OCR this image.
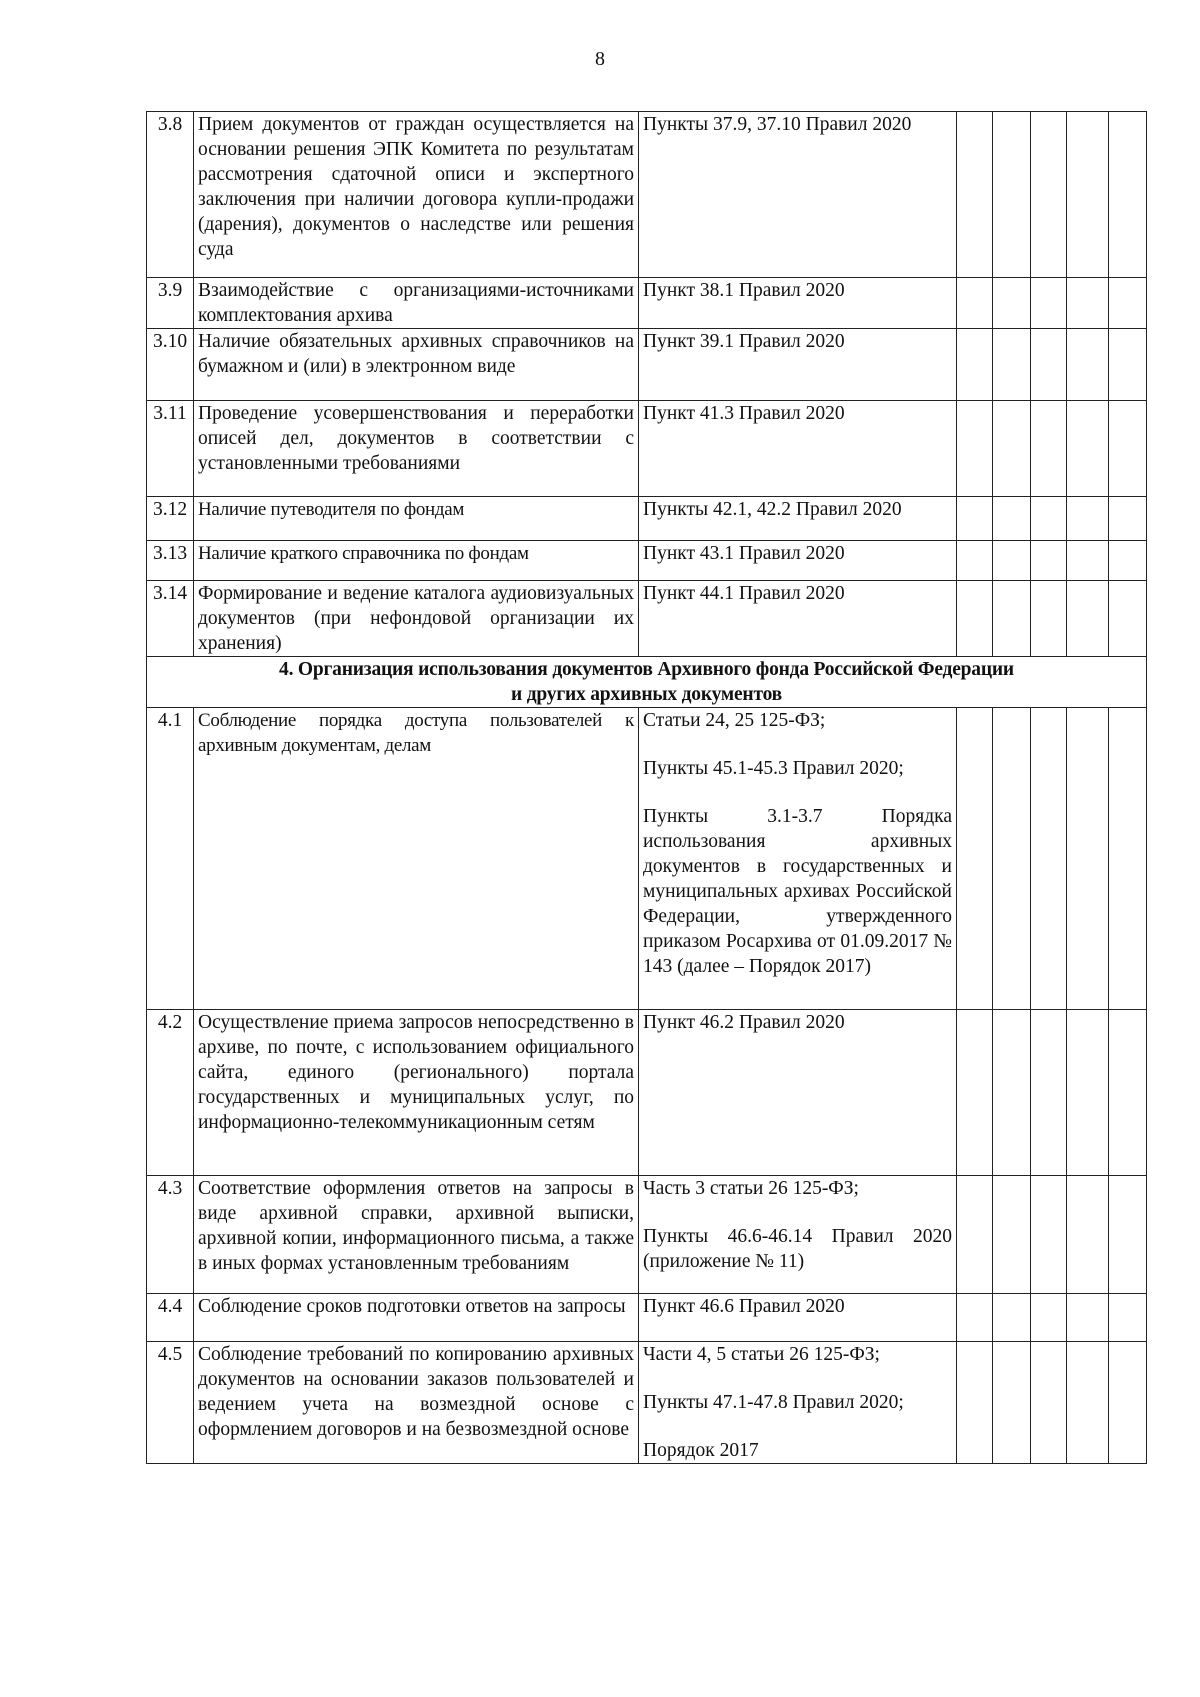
8
3.8	Прием документов от граждан осуществляется на основании решения ЭПК Комитета по результатам рассмотрения сдаточной описи и экспертного заключения при наличии договора купли-продажи (дарения), документов о наследстве или решения суда	Пункты 37.9, 37.10 Правил 2020					

3.9	Взаимодействие с организациями-источниками комплектования архива	Пункт 38.1 Правил 2020					

3.10	Наличие обязательных архивных справочников на бумажном и (или) в электронном виде	Пункт 39.1 Правил 2020					

3.11	Проведение усовершенствования и переработки описей дел, документов в соответствии с установленными требованиями	Пункт 41.3 Правил 2020					

3.12	Наличие путеводителя по фондам	Пункты 42.1, 42.2 Правил 2020					

3.13	Наличие краткого справочника по фондам	Пункт 43.1 Правил 2020					

3.14	Формирование и ведение каталога аудиовизуальных документов (при нефондовой организации их хранения)	Пункт 44.1 Правил 2020					

4. Организация использования документов Архивного фонда Российской Федерации
и других архивных документов							

4.1	Соблюдение порядка доступа пользователей к архивным документам, делам	Статьи 24, 25 125-ФЗ;

Пункты 45.1-45.3 Правил 2020;

Пункты 3.1-3.7 Порядка использования архивных документов в государственных и муниципальных архивах Российской Федерации, утвержденного приказом Росархива от 01.09.2017 № 143 (далее – Порядок 2017)					

4.2	Осуществление приема запросов непосредственно в архиве, по почте, с использованием официального сайта, единого (регионального) портала государственных и муниципальных услуг, по информационно-телекоммуникационным сетям	Пункт 46.2 Правил 2020					

4.3	Соответствие оформления ответов на запросы в виде архивной справки, архивной выписки, архивной копии, информационного письма, а также в иных формах установленным требованиям	Часть 3 статьи 26 125-ФЗ;

Пункты 46.6-46.14 Правил 2020 (приложение № 11)					

4.4	Соблюдение сроков подготовки ответов на запросы	Пункт 46.6 Правил 2020					

4.5	Соблюдение требований по копированию архивных документов на основании заказов пользователей и ведением учета на возмездной основе с оформлением договоров и на безвозмездной основе	Части 4, 5 статьи 26 125-ФЗ;

Пункты 47.1-47.8 Правил 2020;

Порядок 2017					
